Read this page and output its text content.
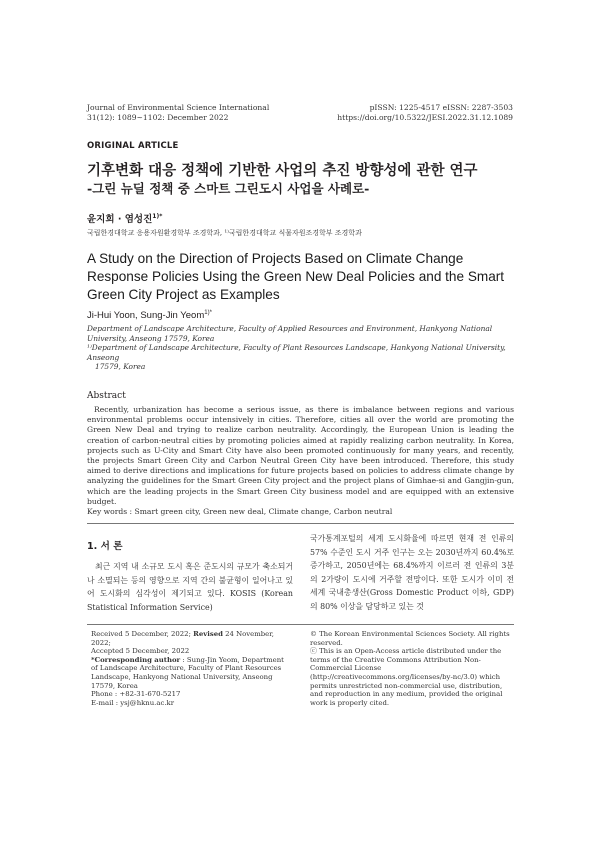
Journal of Environmental Science International
31(12): 1089~1102: December 2022
pISSN: 1225-4517 eISSN: 2287-3503
https://doi.org/10.5322/JESI.2022.31.12.1089
ORIGINAL ARTICLE
기후변화 대응 정책에 기반한 사업의 추진 방향성에 관한 연구
-그린 뉴딜 정책 중 스마트 그린도시 사업을 사례로-
윤지희 · 염성진$^{1)*}$
국립한경대학교 응용자원환경학부 조경학과, ¹⁾국립한경대학교 식물자원조경학부 조경학과
A Study on the Direction of Projects Based on Climate Change Response Policies Using the Green New Deal Policies and the Smart Green City Project as Examples
Ji-Hui Yoon, Sung-Jin Yeom$^{1)*}$

Department of Landscape Architecture, Faculty of Applied Resources and Environment, Hankyong National University, Anseong 17579, Korea

¹⁾Department of Landscape Architecture, Faculty of Plant Resources Landscape, Hankyong National University, Anseong

17579, Korea

Abstract
Recently, urbanization has become a serious issue, as there is imbalance between regions and various environmental problems occur intensively in cities. Therefore, cities all over the world are promoting the Green New Deal and trying to realize carbon neutrality. Accordingly, the European Union is leading the creation of carbon-neutral cities by promoting policies aimed at rapidly realizing carbon neutrality. In Korea, projects such as U-City and Smart City have also been promoted continuously for many years, and recently, the projects Smart Green City and Carbon Neutral Green City have been introduced. Therefore, this study aimed to derive directions and implications for future projects based on policies to address climate change by analyzing the guidelines for the Smart Green City project and the project plans of Gimhae-si and Gangjin-gun, which are the leading projects in the Smart Green City business model and are equipped with an extensive budget.
Key words : Smart green city, Green new deal, Climate change, Carbon neutral
1. 서 론
최근 지역 내 소규모 도시 혹은 준도시의 규모가 축소되거나 소멸되는 등의 영향으로 지역 간의 불균형이 일어나고 있어 도시화의 심각성이 제기되고 있다. KOSIS (Korean Statistical Information Service)
국가통계포털의 세계 도시화율에 따르면 현재 전 인류의 57% 수준인 도시 거주 인구는 오는 2030년까지 60.4%로 증가하고, 2050년에는 68.4%까지 이르러 전 인류의 3분의 2가량이 도시에 거주할 전망이다. 또한 도시가 이미 전 세계 국내총생산(Gross Domestic Product 이하, GDP)의 80% 이상을 담당하고 있는 것

Received 5 December, 2022; Revised 24 November, 2022;

Accepted 5 December, 2022

*Corresponding author : Sung-Jin Yeom, Department of Landscape Architecture, Faculty of Plant Resources Landscape, Hankyong National University, Anseong 17579, Korea

Phone : +82-31-670-5217

E-mail : ysj@hknu.ac.kr

© The Korean Environmental Sciences Society. All rights reserved.

ⓒ This is an Open-Access article distributed under the terms of the Creative Commons Attribution Non-Commercial License (http://creativecommons.org/licenses/by-nc/3.0) which permits unrestricted non-commercial use, distribution, and reproduction in any medium, provided the original work is properly cited.
